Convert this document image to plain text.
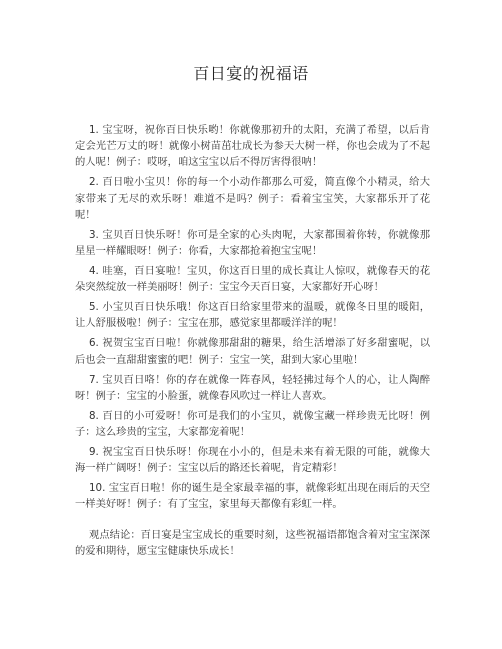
百日宴的祝福语

1. 宝宝呀，祝你百日快乐哟！你就像那初升的太阳，充满了希望，以后肯定会光芒万丈的呀！就像小树苗茁壮成长为参天大树一样，你也会成为了不起的人呢！例子：哎呀，咱这宝宝以后不得厉害得很呐！

2. 百日啦小宝贝！你的每一个小动作都那么可爱，简直像个小精灵，给大家带来了无尽的欢乐呀！难道不是吗？例子：看着宝宝笑，大家都乐开了花呢！

3. 宝贝百日快乐呀！你可是全家的心头肉呢，大家都围着你转，你就像那星星一样耀眼呀！例子：你看，大家都抢着抱宝宝呢！

4. 哇塞，百日宴啦！宝贝，你这百日里的成长真让人惊叹，就像春天的花朵突然绽放一样美丽呀！例子：宝宝今天百日宴，大家都好开心呀！

5. 小宝贝百日快乐哦！你这百日给家里带来的温暖，就像冬日里的暖阳，让人舒服极啦！例子：宝宝在那，感觉家里都暖洋洋的呢！

6. 祝贺宝宝百日啦！你就像那甜甜的糖果，给生活增添了好多甜蜜呢，以后也会一直甜甜蜜蜜的吧！例子：宝宝一笑，甜到大家心里啦！

7. 宝贝百日咯！你的存在就像一阵春风，轻轻拂过每个人的心，让人陶醉呀！例子：宝宝的小脸蛋，就像春风吹过一样让人喜欢。

8. 百日的小可爱呀！你可是我们的小宝贝，就像宝藏一样珍贵无比呀！例子：这么珍贵的宝宝，大家都宠着呢！

9. 祝宝宝百日快乐呀！你现在小小的，但是未来有着无限的可能，就像大海一样广阔呀！例子：宝宝以后的路还长着呢，肯定精彩！

10. 宝宝百日啦！你的诞生是全家最幸福的事，就像彩虹出现在雨后的天空一样美好呀！例子：有了宝宝，家里每天都像有彩虹一样。

观点结论：百日宴是宝宝成长的重要时刻，这些祝福语都饱含着对宝宝深深的爱和期待，愿宝宝健康快乐成长！
